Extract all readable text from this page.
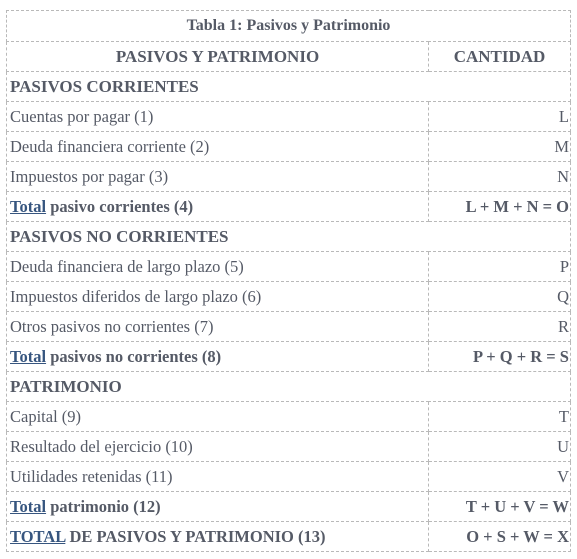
Tabla 1: Pasivos y Patrimonio	
PASIVOS Y PATRIMONIO	CANTIDAD
PASIVOS CORRIENTES	
Cuentas por pagar (1)	L
Deuda financiera corriente (2)	M
Impuestos por pagar (3)	N
Total pasivo corrientes (4)	L + M + N = O
PASIVOS NO CORRIENTES	
Deuda financiera de largo plazo (5)	P
Impuestos diferidos de largo plazo (6)	Q
Otros pasivos no corrientes (7)	R
Total pasivos no corrientes (8)	P + Q + R = S
PATRIMONIO	
Capital (9)	T
Resultado del ejercicio (10)	U
Utilidades retenidas (11)	V
Total patrimonio (12)	T + U + V = W
TOTAL DE PASIVOS Y PATRIMONIO (13)	O + S + W = X
